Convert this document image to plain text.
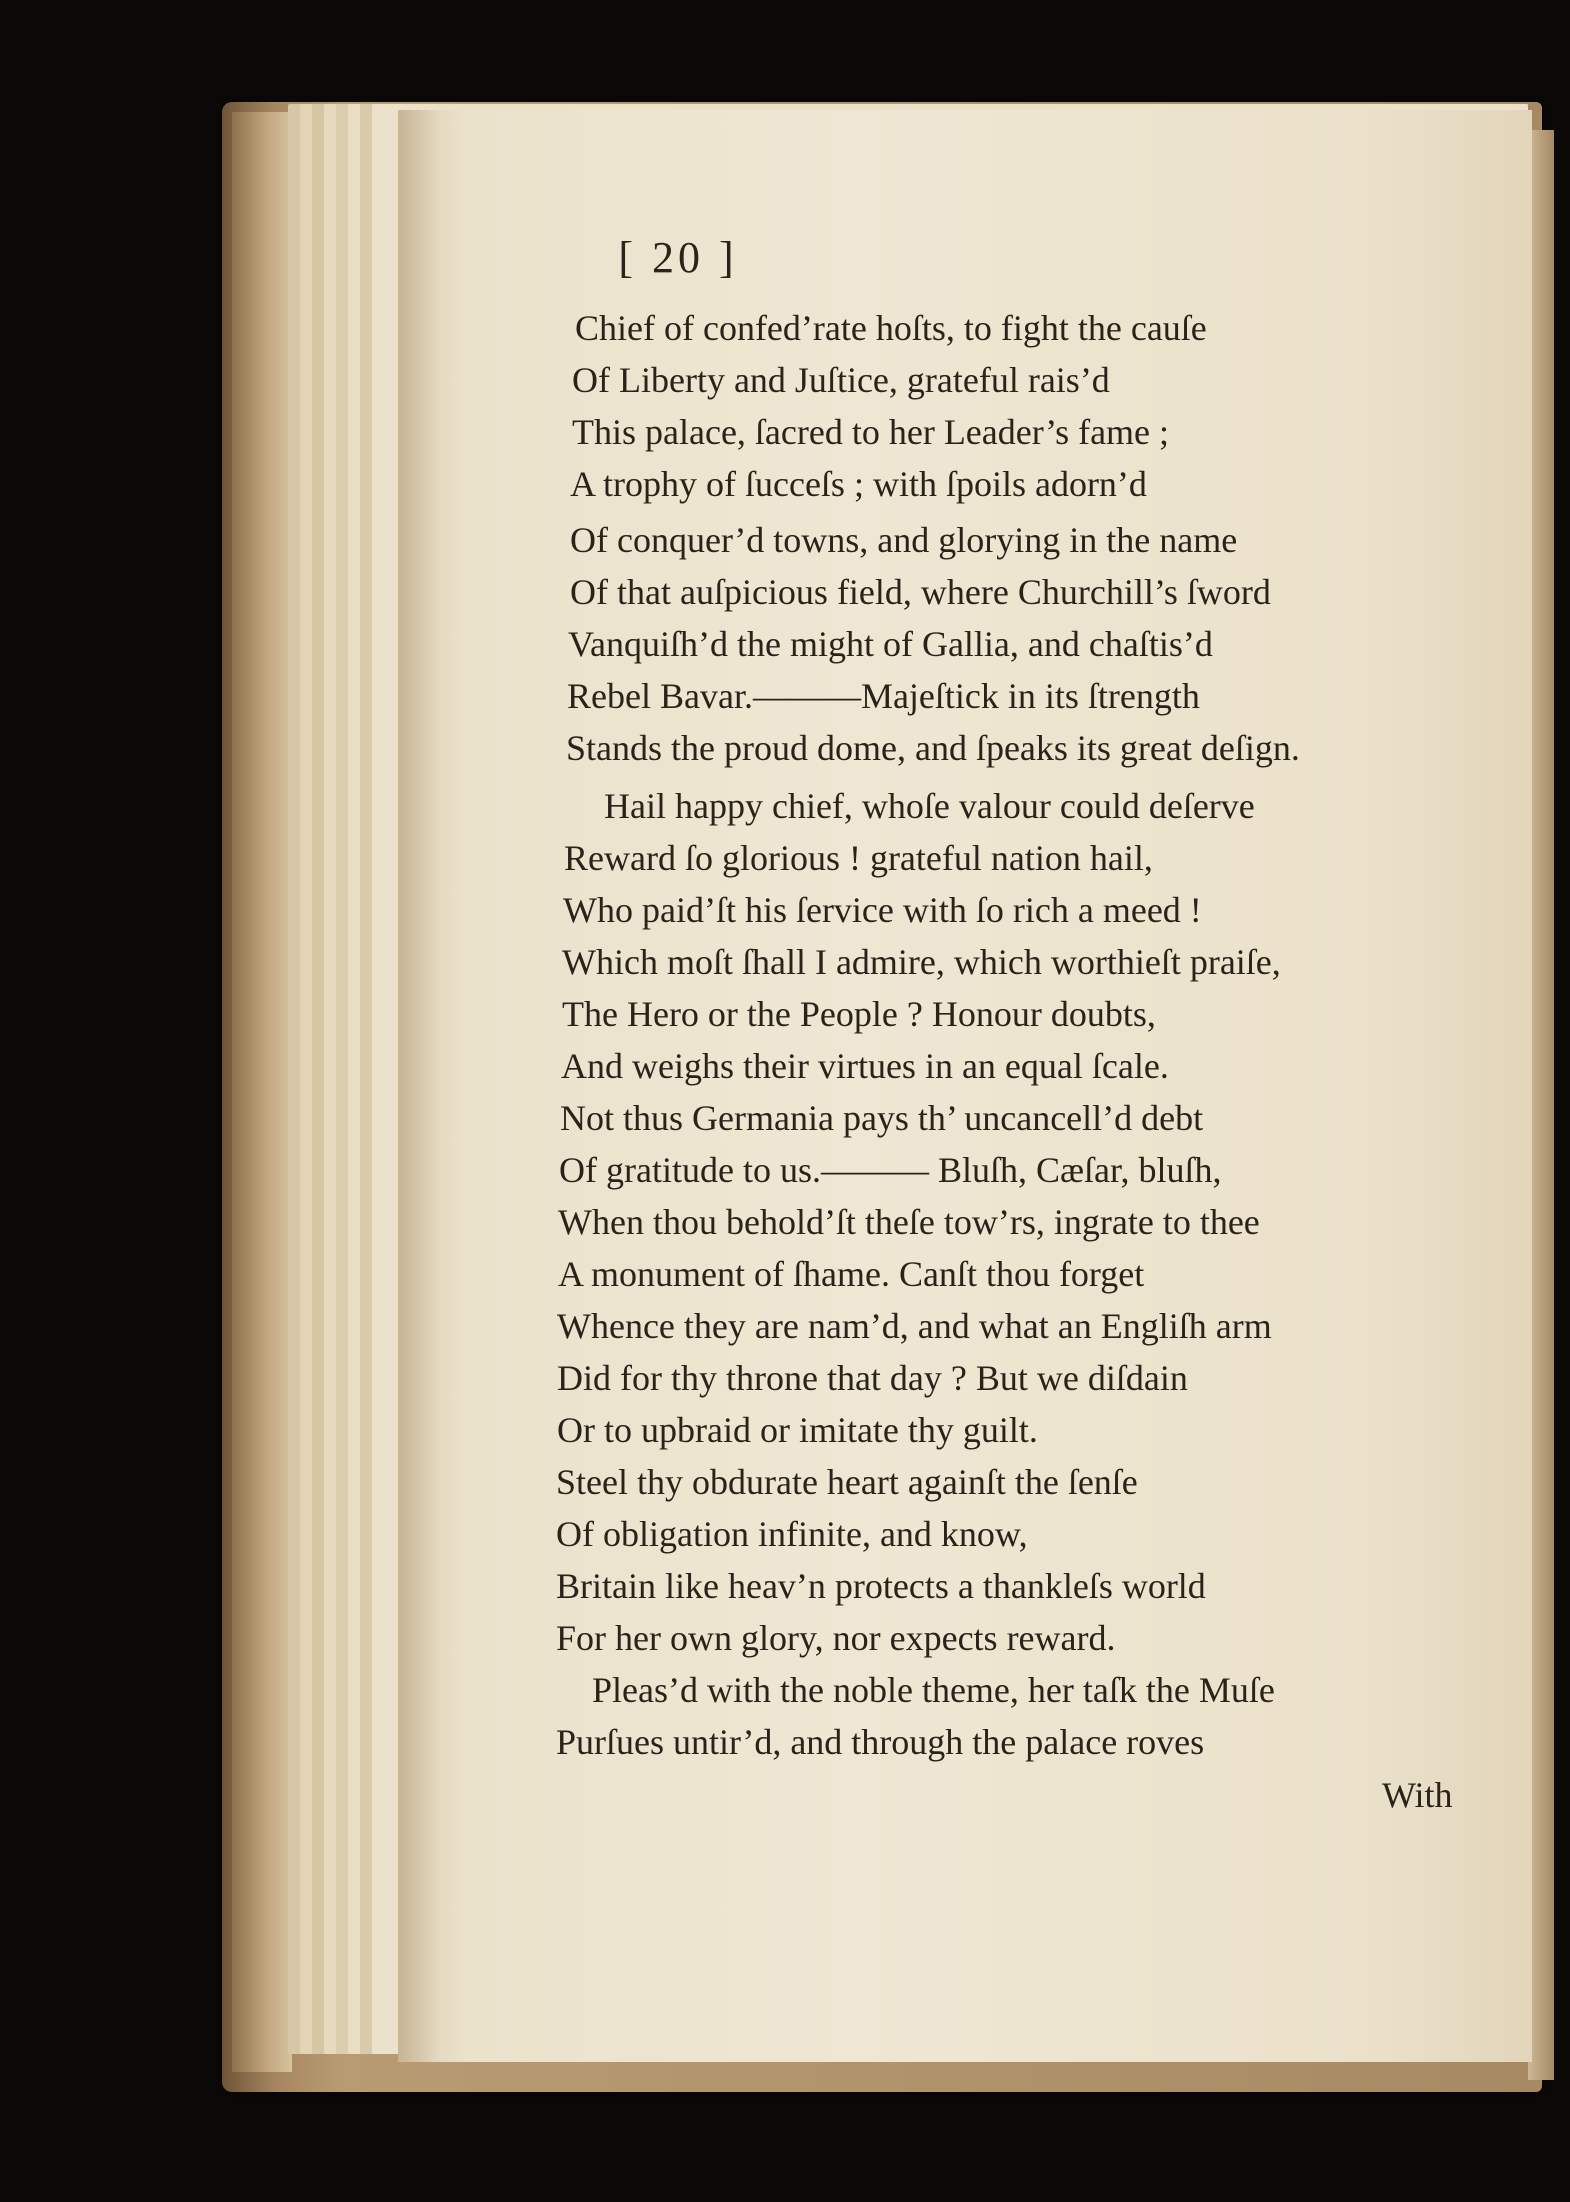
[ 20 ]
Chief of confed’rate hoſts, to fight the cauſe
Of Liberty and Juſtice, grateful rais’d
This palace, ſacred to her Leader’s fame ;
A trophy of ſucceſs ; with ſpoils adorn’d
Of conquer’d towns, and glorying in the name
Of that auſpicious field, where Churchill’s ſword
Vanquiſh’d the might of Gallia, and chaſtis’d
Rebel Bavar.———Majeſtick in its ſtrength
Stands the proud dome, and ſpeaks its great deſign.
Hail happy chief, whoſe valour could deſerve
Reward ſo glorious ! grateful nation hail,
Who paid’ſt his ſervice with ſo rich a meed !
Which moſt ſhall I admire, which worthieſt praiſe,
The Hero or the People ? Honour doubts,
And weighs their virtues in an equal ſcale.
Not thus Germania pays th’ uncancell’d debt
Of gratitude to us.——— Bluſh, Cæſar, bluſh,
When thou behold’ſt theſe tow’rs, ingrate to thee
A monument of ſhame. Canſt thou forget
Whence they are nam’d, and what an Engliſh arm
Did for thy throne that day ? But we diſdain
Or to upbraid or imitate thy guilt.
Steel thy obdurate heart againſt the ſenſe
Of obligation infinite, and know,
Britain like heav’n protects a thankleſs world
For her own glory, nor expects reward.
Pleas’d with the noble theme, her taſk the Muſe
Purſues untir’d, and through the palace roves
With
